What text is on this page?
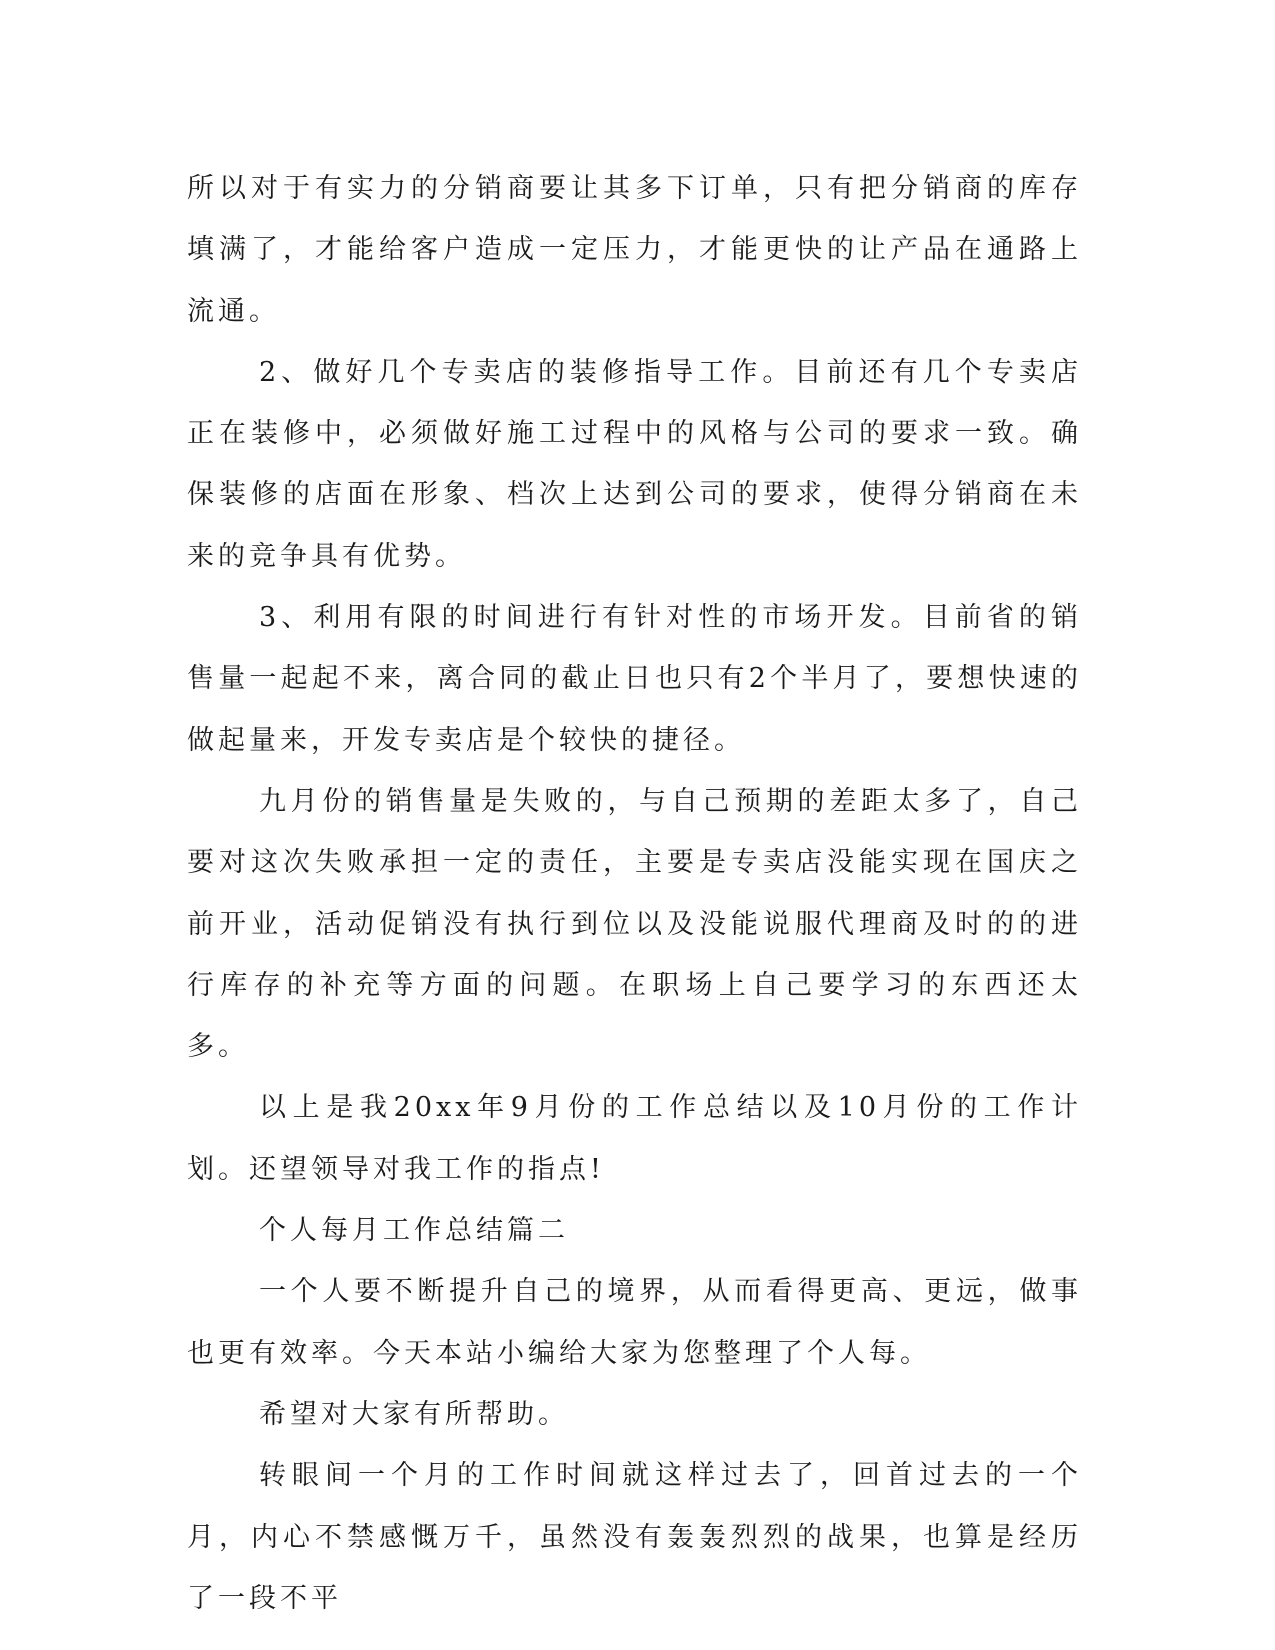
所以对于有实力的分销商要让其多下订单，只有把分销商的库存填满了，才能给客户造成一定压力，才能更快的让产品在通路上流通。

2、做好几个专卖店的装修指导工作。目前还有几个专卖店正在装修中，必须做好施工过程中的风格与公司的要求一致。确保装修的店面在形象、档次上达到公司的要求，使得分销商在未来的竞争具有优势。

3、利用有限的时间进行有针对性的市场开发。目前省的销售量一起起不来，离合同的截止日也只有2个半月了，要想快速的做起量来，开发专卖店是个较快的捷径。

九月份的销售量是失败的，与自己预期的差距太多了，自己要对这次失败承担一定的责任，主要是专卖店没能实现在国庆之前开业，活动促销没有执行到位以及没能说服代理商及时的的进行库存的补充等方面的问题。在职场上自己要学习的东西还太多。

以上是我20xx年9月份的工作总结以及10月份的工作计划。还望领导对我工作的指点!

个人每月工作总结篇二

一个人要不断提升自己的境界，从而看得更高、更远，做事也更有效率。今天本站小编给大家为您整理了个人每。

希望对大家有所帮助。

转眼间一个月的工作时间就这样过去了，回首过去的一个月，内心不禁感慨万千，虽然没有轰轰烈烈的战果，也算是经历了一段不平
